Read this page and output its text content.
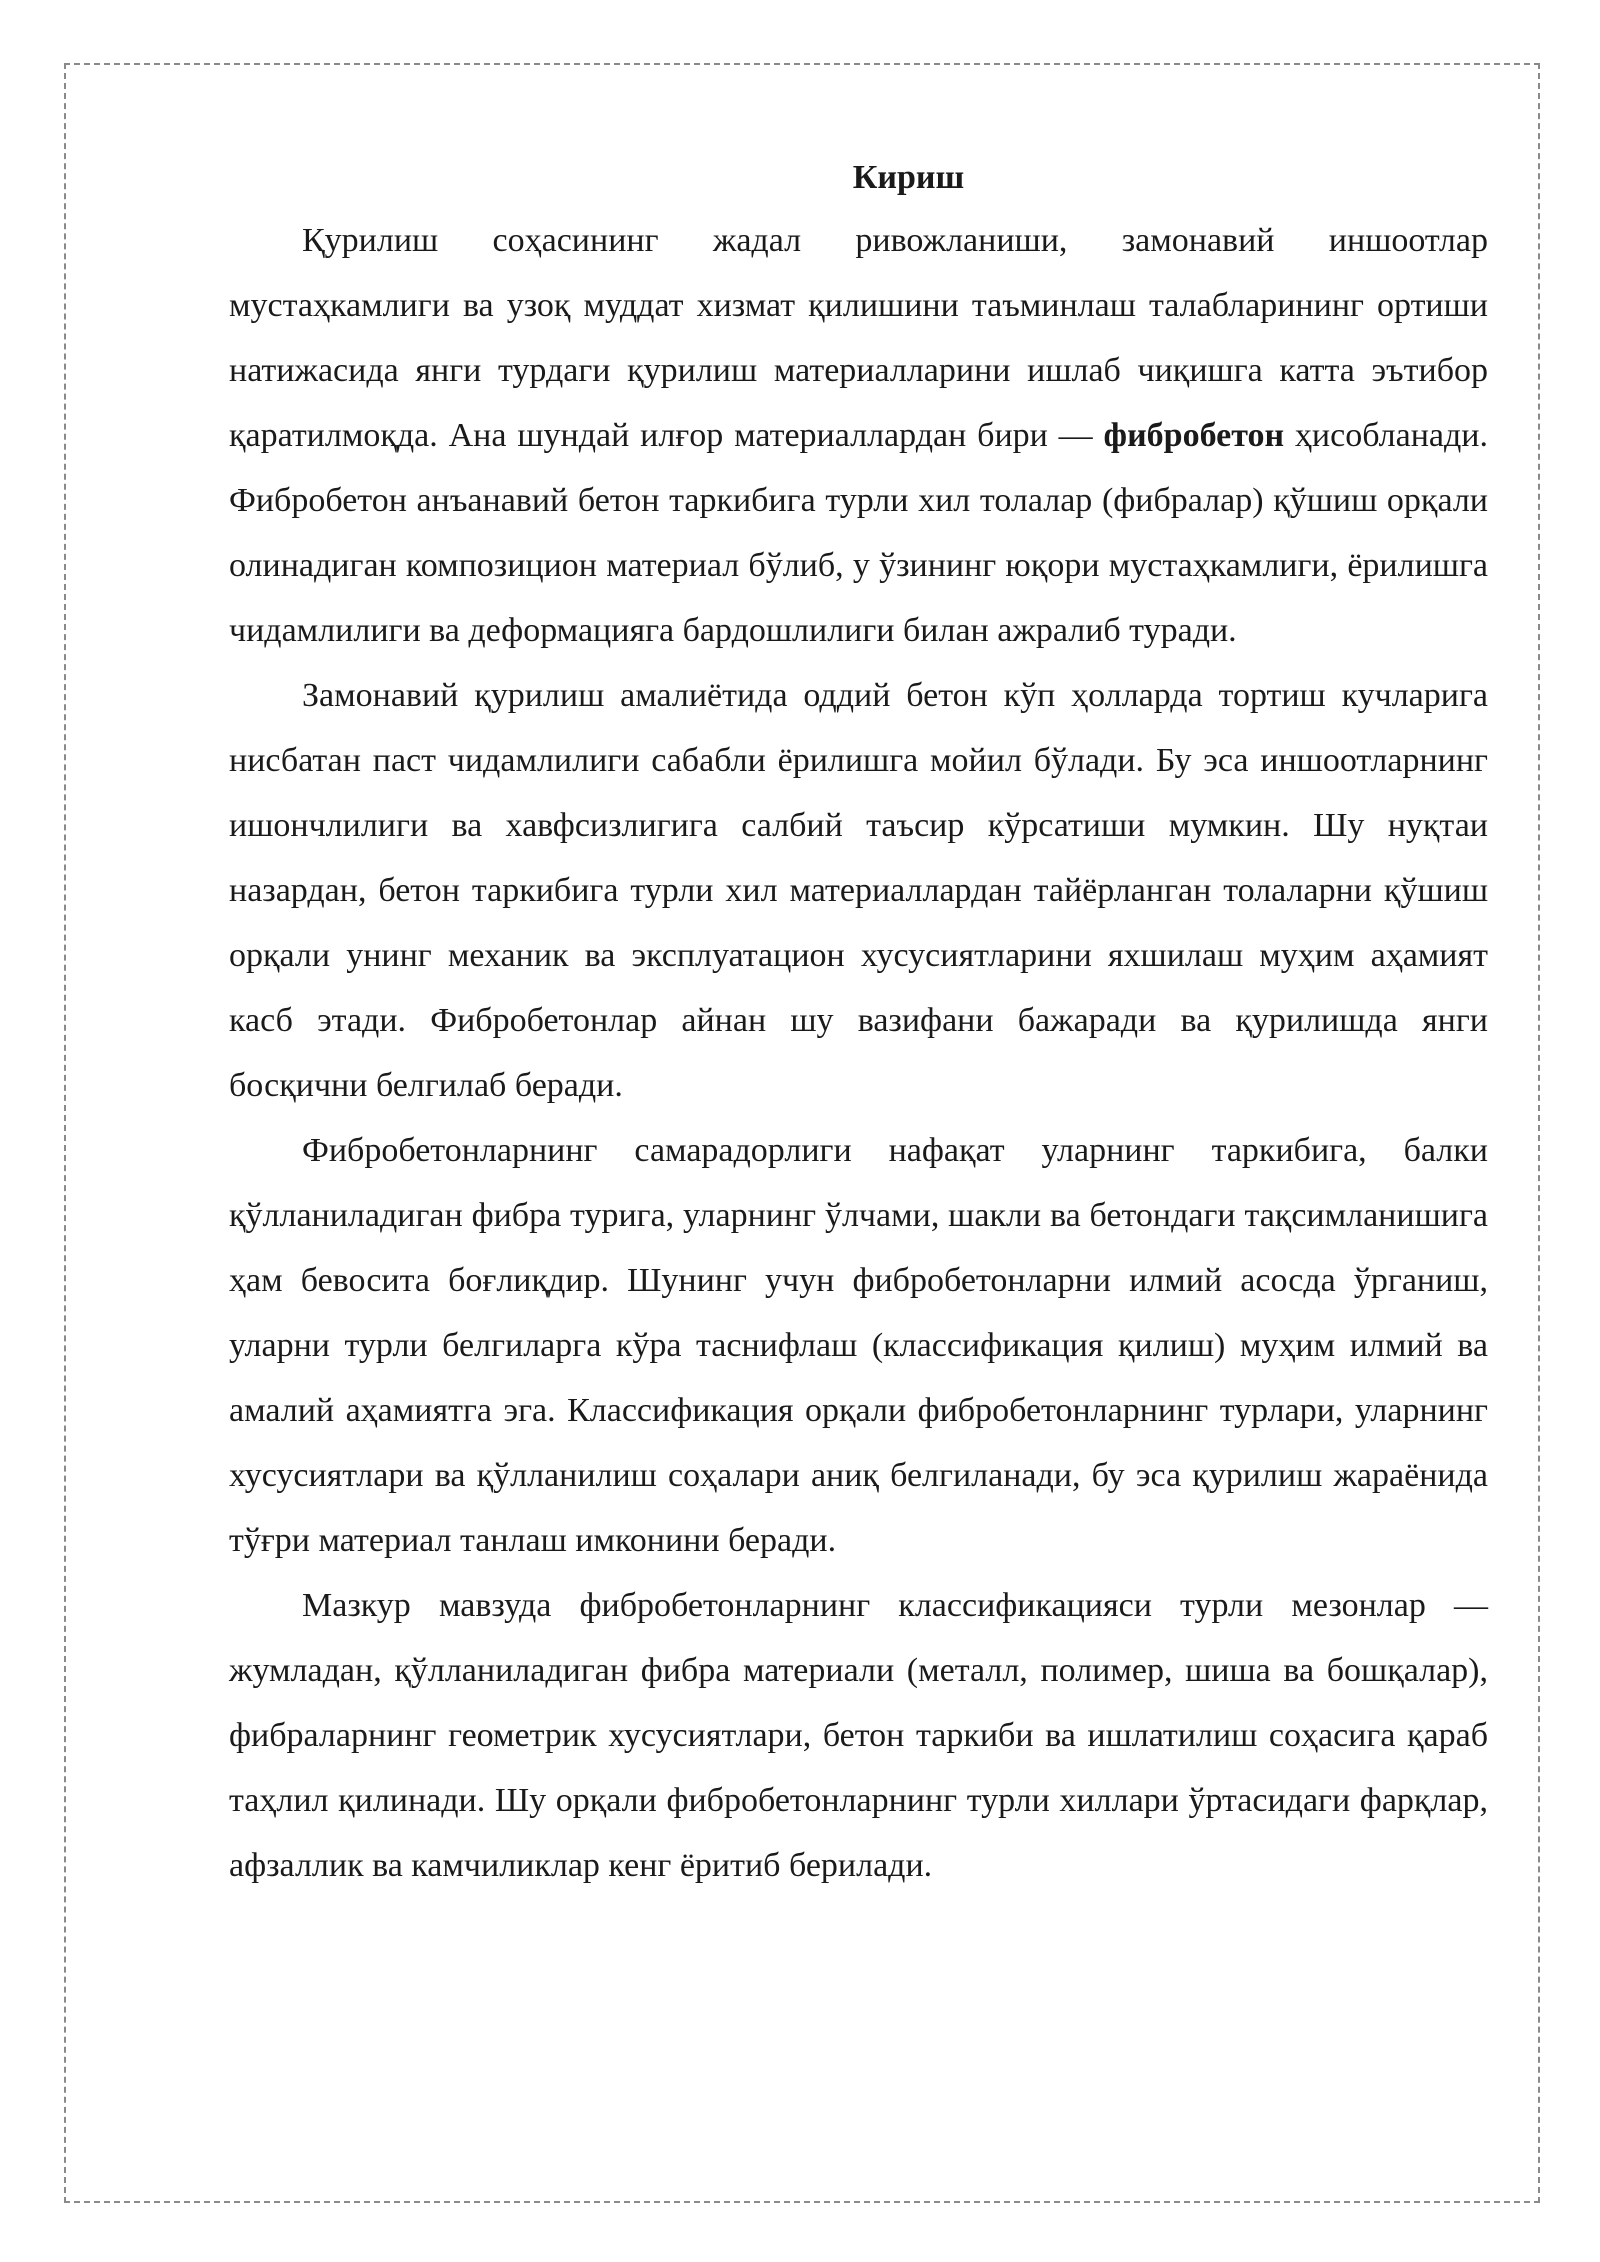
Кириш

Қурилиш соҳасининг жадал ривожланиши, замонавий иншоотлар мустаҳкамлиги ва узоқ муддат хизмат қилишини таъминлаш талабларининг ортиши натижасида янги турдаги қурилиш материалларини ишлаб чиқишга катта эътибор қаратилмоқда. Ана шундай илғор материаллардан бири — фибробетон ҳисобланади. Фибробетон анъанавий бетон таркибига турли хил толалар (фибралар) қўшиш орқали олинадиган композицион материал бўлиб, у ўзининг юқори мустаҳкамлиги, ёрилишга чидамлилиги ва деформацияга бардошлилиги билан ажралиб туради.

Замонавий қурилиш амалиётида оддий бетон кўп ҳолларда тортиш кучларига нисбатан паст чидамлилиги сабабли ёрилишга мойил бўлади. Бу эса иншоотларнинг ишончлилиги ва хавфсизлигига салбий таъсир кўрсатиши мумкин. Шу нуқтаи назардан, бетон таркибига турли хил материаллардан тайёрланган толаларни қўшиш орқали унинг механик ва эксплуатацион хусусиятларини яхшилаш муҳим аҳамият касб этади. Фибробетонлар айнан шу вазифани бажаради ва қурилишда янги босқични белгилаб беради.

Фибробетонларнинг самарадорлиги нафақат уларнинг таркибига, балки қўлланиладиган фибра турига, уларнинг ўлчами, шакли ва бетондаги тақсимланишига ҳам бевосита боғлиқдир. Шунинг учун фибробетонларни илмий асосда ўрганиш, уларни турли белгиларга кўра таснифлаш (классификация қилиш) муҳим илмий ва амалий аҳамиятга эга. Классификация орқали фибробетонларнинг турлари, уларнинг хусусиятлари ва қўлланилиш соҳалари аниқ белгиланади, бу эса қурилиш жараёнида тўғри материал танлаш имконини беради.

Мазкур мавзуда фибробетонларнинг классификацияси турли мезонлар — жумладан, қўлланиладиган фибра материали (металл, полимер, шиша ва бошқалар), фибраларнинг геометрик хусусиятлари, бетон таркиби ва ишлатилиш соҳасига қараб таҳлил қилинади. Шу орқали фибробетонларнинг турли хиллари ўртасидаги фарқлар, афзаллик ва камчиликлар кенг ёритиб берилади.
